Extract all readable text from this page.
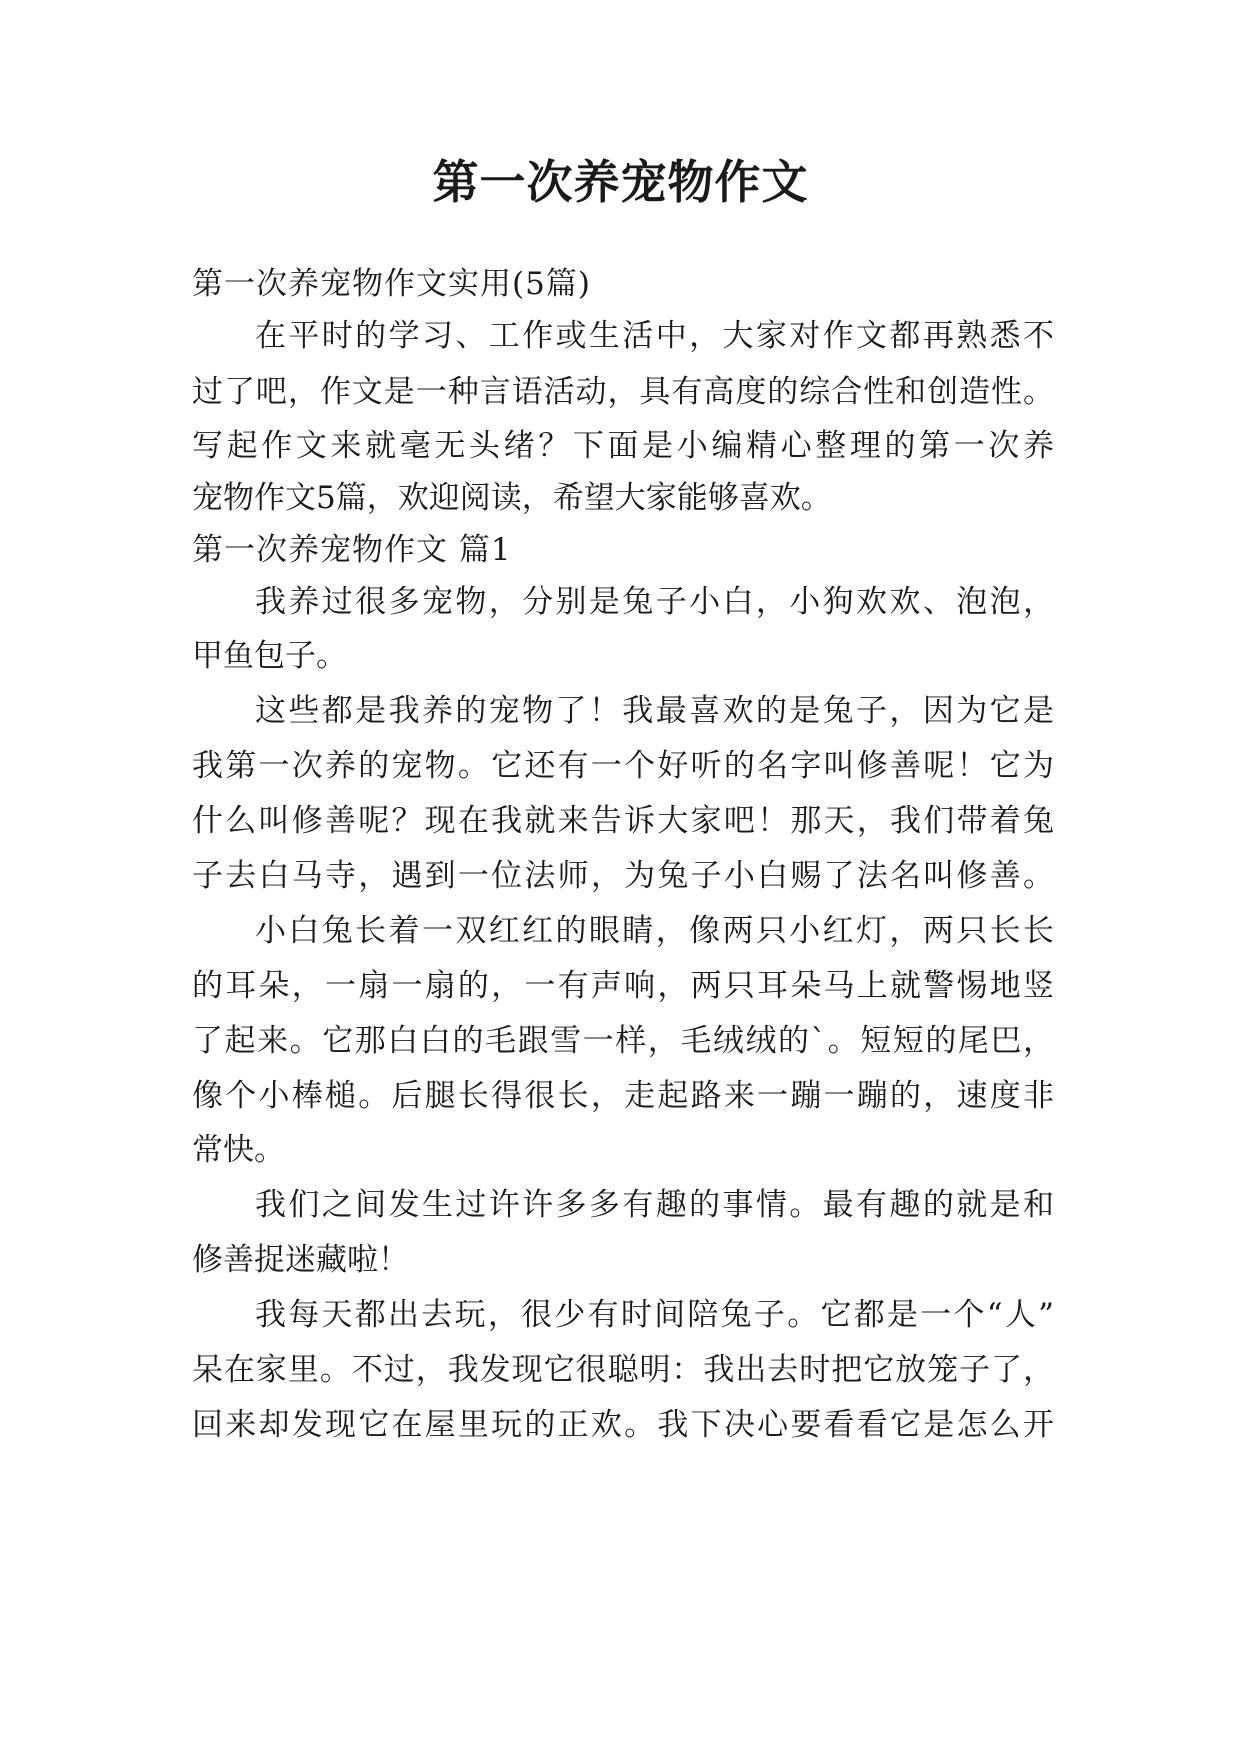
第一次养宠物作文
第一次养宠物作文实用(5篇)
在平时的学习、工作或生活中，大家对作文都再熟悉不
过了吧，作文是一种言语活动，具有高度的综合性和创造性。
写起作文来就毫无头绪？下面是小编精心整理的第一次养
宠物作文5篇，欢迎阅读，希望大家能够喜欢。
第一次养宠物作文 篇1
我养过很多宠物，分别是兔子小白，小狗欢欢、泡泡，
甲鱼包子。
这些都是我养的宠物了！我最喜欢的是兔子，因为它是
我第一次养的宠物。它还有一个好听的名字叫修善呢！它为
什么叫修善呢？现在我就来告诉大家吧！那天，我们带着兔
子去白马寺，遇到一位法师，为兔子小白赐了法名叫修善。
小白兔长着一双红红的眼睛，像两只小红灯，两只长长
的耳朵，一扇一扇的，一有声响，两只耳朵马上就警惕地竖
了起来。它那白白的毛跟雪一样，毛绒绒的`。短短的尾巴，
像个小棒槌。后腿长得很长，走起路来一蹦一蹦的，速度非
常快。
我们之间发生过许许多多有趣的事情。最有趣的就是和
修善捉迷藏啦！
我每天都出去玩，很少有时间陪兔子。它都是一个“人”
呆在家里。不过，我发现它很聪明：我出去时把它放笼子了，
回来却发现它在屋里玩的正欢。我下决心要看看它是怎么开
